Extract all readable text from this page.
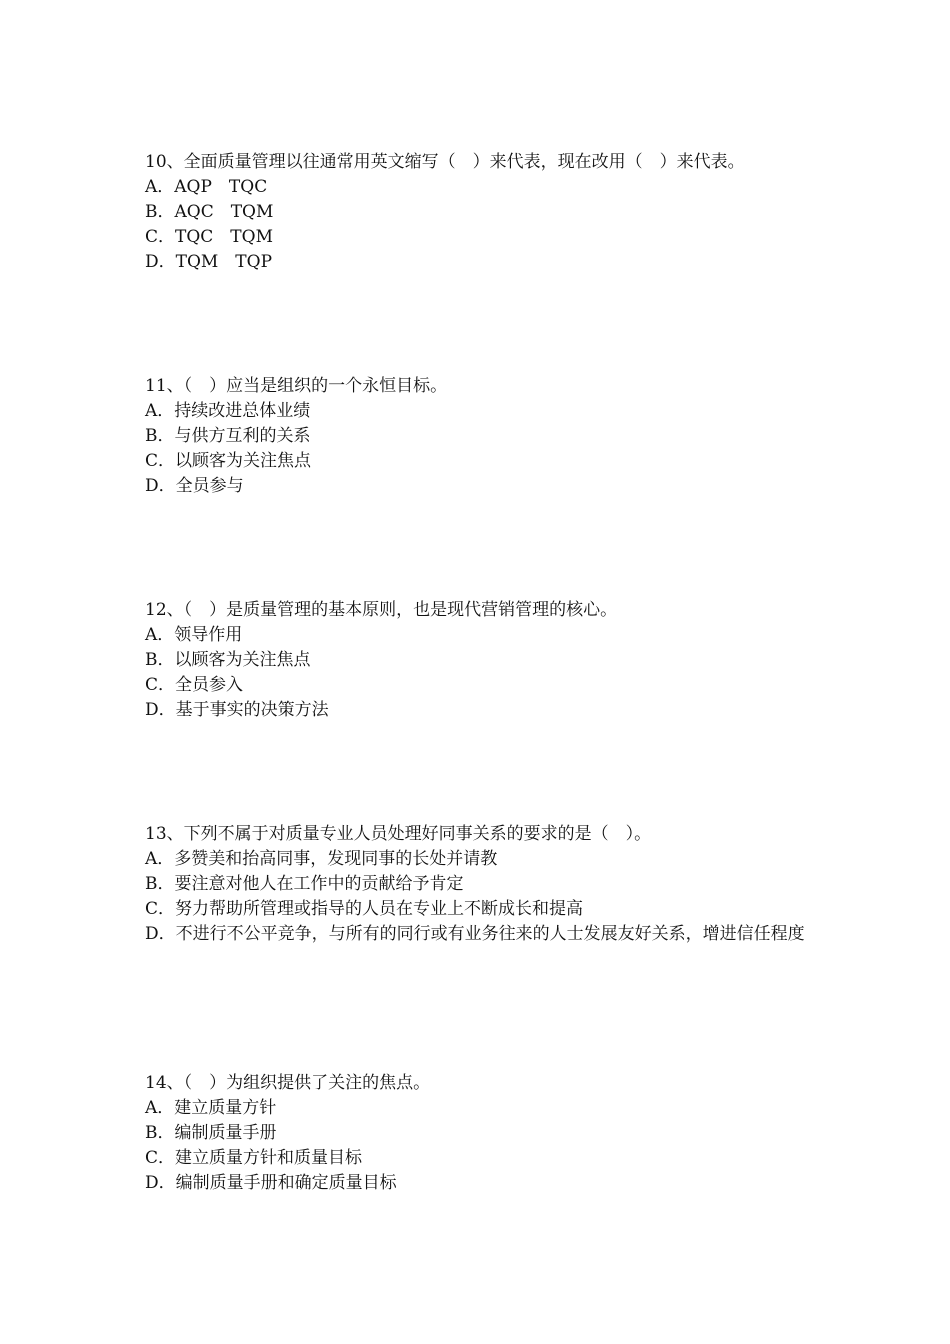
10、全面质量管理以往通常用英文缩写（　）来代表，现在改用（　）来代表。

A．AQP　TQC

B．AQC　TQM

C．TQC　TQM

D．TQM　TQP

11、（　）应当是组织的一个永恒目标。

A．持续改进总体业绩

B．与供方互利的关系

C．以顾客为关注焦点

D．全员参与

12、（　）是质量管理的基本原则，也是现代营销管理的核心。

A．领导作用

B．以顾客为关注焦点

C．全员参入

D．基于事实的决策方法

13、下列不属于对质量专业人员处理好同事关系的要求的是（　）。

A．多赞美和抬高同事，发现同事的长处并请教

B．要注意对他人在工作中的贡献给予肯定

C．努力帮助所管理或指导的人员在专业上不断成长和提高

D．不进行不公平竞争，与所有的同行或有业务往来的人士发展友好关系，增进信任程度

14、（　）为组织提供了关注的焦点。

A．建立质量方针

B．编制质量手册

C．建立质量方针和质量目标

D．编制质量手册和确定质量目标
